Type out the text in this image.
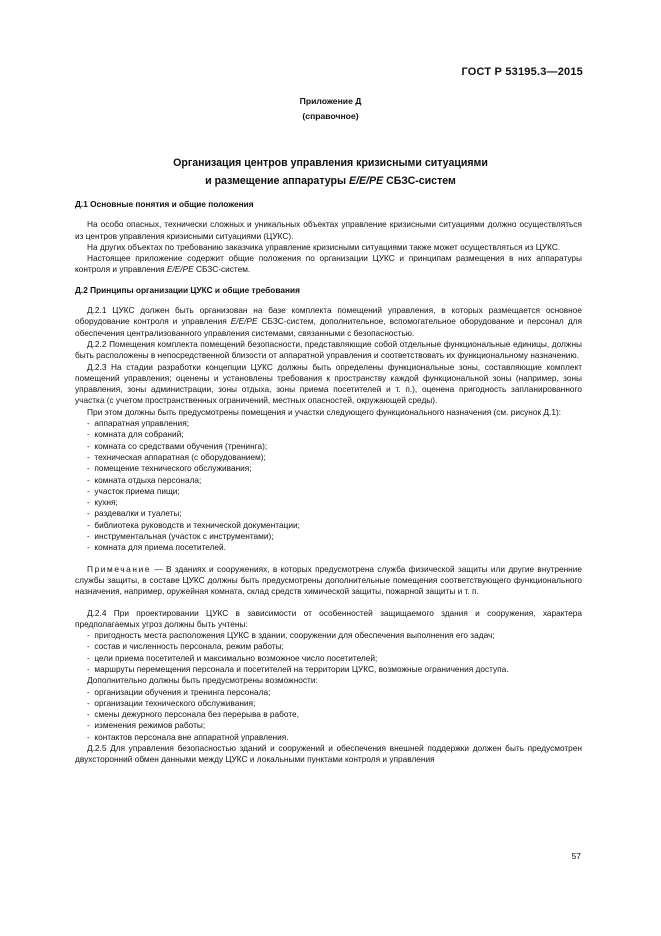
ГОСТ Р 53195.3—2015
Приложение Д
(справочное)
Организация центров управления кризисными ситуациями
и размещение аппаратуры E/E/PE СБЗС-систем
Д.1 Основные понятия и общие положения

На особо опасных, технически сложных и уникальных объектах управление кризисными ситуациями должно осуществляться из центров управления кризисными ситуациями (ЦУКС).

На других объектах по требованию заказчика управление кризисными ситуациями также может осуществляться из ЦУКС.

Настоящее приложение содержит общие положения по организации ЦУКС и принципам размещения в них аппаратуры контроля и управления E/E/PE СБЗС-систем.

Д.2 Принципы организации ЦУКС и общие требования

Д.2.1 ЦУКС должен быть организован на базе комплекта помещений управления, в которых размещается основное оборудование контроля и управления E/E/PE СБЗС-систем, дополнительное, вспомогательное оборудование и персонал для обеспечения централизованного управления системами, связанными с безопасностью.

Д.2.2 Помещения комплекта помещений безопасности, представляющие собой отдельные функциональные единицы, должны быть расположены в непосредственной близости от аппаратной управления и соответствовать их функциональному назначению.

Д.2.3 На стадии разработки концепции ЦУКС должны быть определены функциональные зоны, составляющие комплект помещений управления; оценены и установлены требования к пространству каждой функциональной зоны (например, зоны управления, зоны администрации, зоны отдыха, зоны приема посетителей и т. п.), оценена пригодность запланированного участка (с учетом пространственных ограничений, местных опасностей, окружающей среды).

При этом должны быть предусмотрены помещения и участки следующего функционального назначения (см. рисунок Д.1):

-  аппаратная управления;
-  комната для собраний;
-  комната со средствами обучения (тренинга);
-  техническая аппаратная (с оборудованием);
-  помещение технического обслуживания;
-  комната отдыха персонала;
-  участок приема пищи;
-  кухня;
-  раздевалки и туалеты;
-  библиотека руководств и технической документации;
-  инструментальная (участок с инструментами);
-  комната для приема посетителей.

Примечание — В зданиях и сооружениях, в которых предусмотрена служба физической защиты или другие внутренние службы защиты, в составе ЦУКС должны быть предусмотрены дополнительные помещения соответствующего функционального назначения, например, оружейная комната, склад средств химической защиты, пожарной защиты и т. п.

Д.2.4 При проектировании ЦУКС в зависимости от особенностей защищаемого здания и сооружения, характера предполагаемых угроз должны быть учтены:

-  пригодность места расположения ЦУКС в здании, сооружении для обеспечения выполнения его задач;
-  состав и численность персонала, режим работы;
-  цели приема посетителей и максимально возможное число посетителей;
-  маршруты перемещения персонала и посетителей на территории ЦУКС, возможные ограничения доступа.

Дополнительно должны быть предусмотрены возможности:

-  организации обучения и тренинга персонала;
-  организации технического обслуживания;
-  смены дежурного персонала без перерыва в работе,
-  изменения режимов работы;
-  контактов персонала вне аппаратной управления.

Д.2.5 Для управления безопасностью зданий и сооружений и обеспечения внешней поддержки должен быть предусмотрен двухсторонний обмен данными между ЦУКС и локальными пунктами контроля и управления

57
